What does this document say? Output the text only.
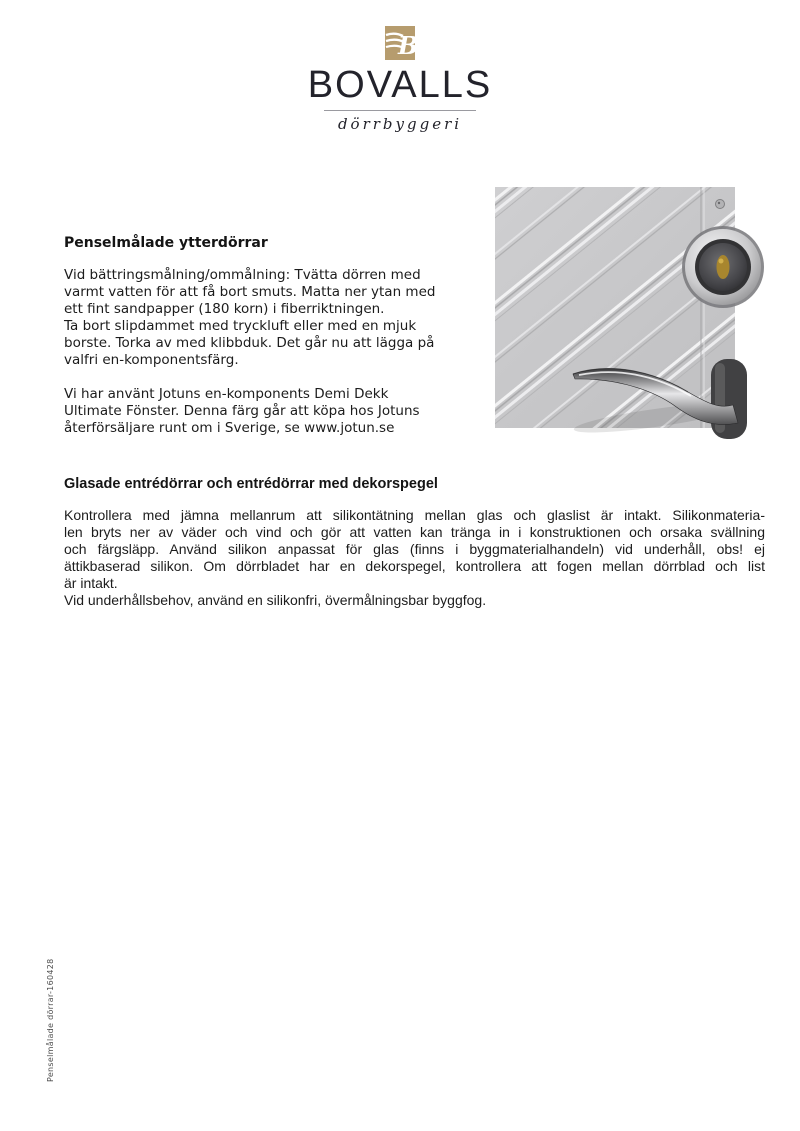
B
BOVALLS
dörrbyggeri
Penselmålade ytterdörrar

Vid bättringsmålning/ommålning: Tvätta dörren med
varmt vatten för att få bort smuts. Matta ner ytan med
ett fint sandpapper (180 korn) i fiberriktningen.
Ta bort slipdammet med tryckluft eller med en mjuk
borste. Torka av med klibbduk. Det går nu att lägga på
valfri en-komponentsfärg.

Vi har använt Jotuns en-komponents Demi Dekk
Ultimate Fönster. Denna färg går att köpa hos Jotuns
återförsäljare runt om i Sverige, se www.jotun.se

Glasade entrédörrar och entrédörrar med dekorspegel

Kontrollera med jämna mellanrum att silikontätning mellan glas och glaslist är intakt. Silikonmateria-

len bryts ner av väder och vind och gör att vatten kan tränga in i konstruktionen och orsaka svällning

och färgsläpp. Använd silikon anpassat för glas (finns i byggmaterialhandeln) vid underhåll, obs! ej

ättikbaserad silikon. Om dörrbladet har en dekorspegel, kontrollera att fogen mellan dörrblad och list

är intakt.

Vid underhållsbehov, använd en silikonfri, övermålningsbar byggfog.

Penselmålade dörrar-160428
